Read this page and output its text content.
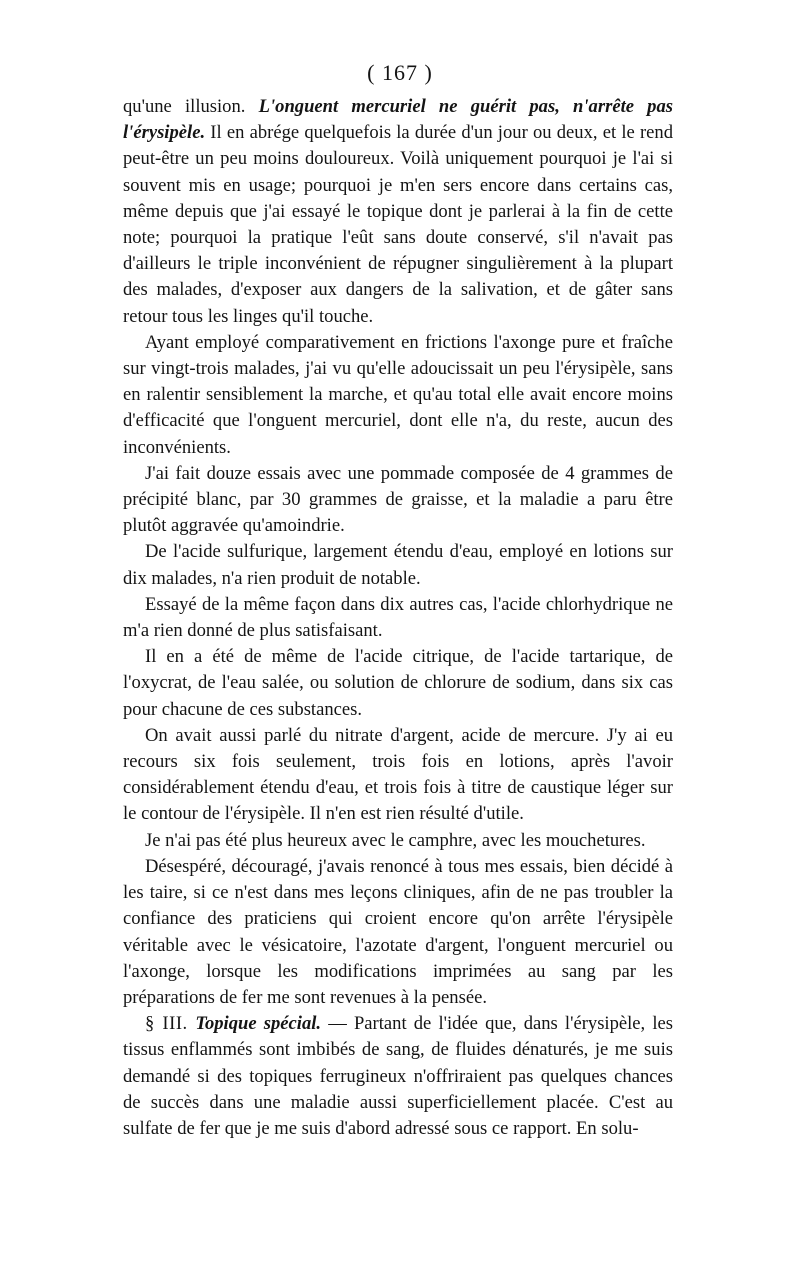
( 167 )

qu'une illusion. L'onguent mercuriel ne guérit pas, n'arrête pas l'érysipèle. Il en abrége quelquefois la durée d'un jour ou deux, et le rend peut-être un peu moins douloureux. Voilà uniquement pourquoi je l'ai si souvent mis en usage; pourquoi je m'en sers encore dans certains cas, même depuis que j'ai essayé le topique dont je parlerai à la fin de cette note; pourquoi la pratique l'eût sans doute conservé, s'il n'avait pas d'ailleurs le triple inconvénient de répugner singulièrement à la plupart des malades, d'exposer aux dangers de la salivation, et de gâter sans retour tous les linges qu'il touche.

Ayant employé comparativement en frictions l'axonge pure et fraîche sur vingt-trois malades, j'ai vu qu'elle adoucissait un peu l'érysipèle, sans en ralentir sensiblement la marche, et qu'au total elle avait encore moins d'efficacité que l'onguent mercuriel, dont elle n'a, du reste, aucun des inconvénients.

J'ai fait douze essais avec une pommade composée de 4 grammes de précipité blanc, par 30 grammes de graisse, et la maladie a paru être plutôt aggravée qu'amoindrie.

De l'acide sulfurique, largement étendu d'eau, employé en lotions sur dix malades, n'a rien produit de notable.

Essayé de la même façon dans dix autres cas, l'acide chlorhydrique ne m'a rien donné de plus satisfaisant.

Il en a été de même de l'acide citrique, de l'acide tartarique, de l'oxycrat, de l'eau salée, ou solution de chlorure de sodium, dans six cas pour chacune de ces substances.

On avait aussi parlé du nitrate d'argent, acide de mercure. J'y ai eu recours six fois seulement, trois fois en lotions, après l'avoir considérablement étendu d'eau, et trois fois à titre de caustique léger sur le contour de l'érysipèle. Il n'en est rien résulté d'utile.

Je n'ai pas été plus heureux avec le camphre, avec les mouchetures.

Désespéré, découragé, j'avais renoncé à tous mes essais, bien décidé à les taire, si ce n'est dans mes leçons cliniques, afin de ne pas troubler la confiance des praticiens qui croient encore qu'on arrête l'érysipèle véritable avec le vésicatoire, l'azotate d'argent, l'onguent mercuriel ou l'axonge, lorsque les modifications imprimées au sang par les préparations de fer me sont revenues à la pensée.

§ III. Topique spécial. — Partant de l'idée que, dans l'érysipèle, les tissus enflammés sont imbibés de sang, de fluides dénaturés, je me suis demandé si des topiques ferrugineux n'offriraient pas quelques chances de succès dans une maladie aussi superficiellement placée. C'est au sulfate de fer que je me suis d'abord adressé sous ce rapport. En solu-
